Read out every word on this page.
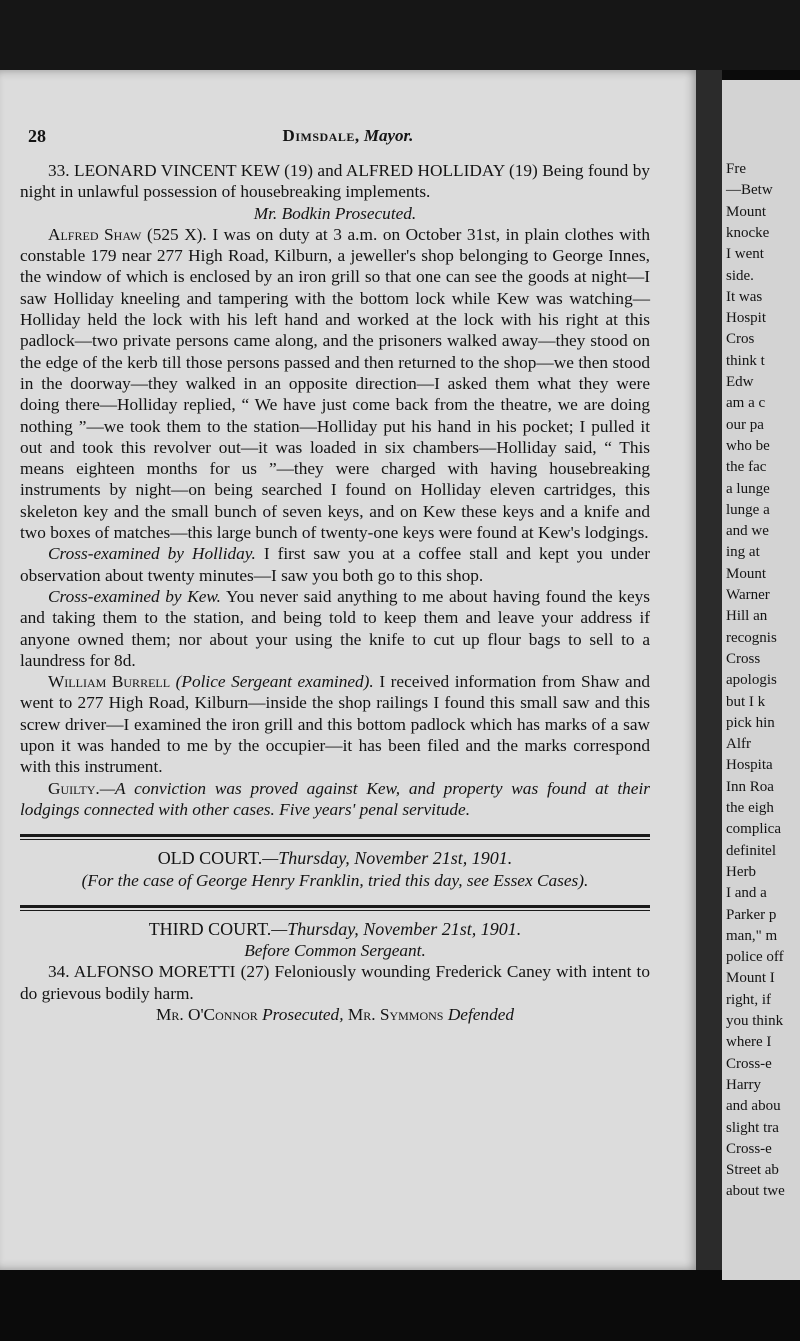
28	Dimsdale, Mayor.

33. LEONARD VINCENT KEW (19) and ALFRED HOLLIDAY (19) Being found by night in unlawful possession of housebreaking implements.

Mr. Bodkin Prosecuted.

Alfred Shaw (525 X). I was on duty at 3 a.m. on October 31st, in plain clothes with constable 179 near 277 High Road, Kilburn, a jeweller's shop belonging to George Innes, the window of which is enclosed by an iron grill so that one can see the goods at night—I saw Holliday kneeling and tampering with the bottom lock while Kew was watching—Holliday held the lock with his left hand and worked at the lock with his right at this padlock—two private persons came along, and the prisoners walked away—they stood on the edge of the kerb till those persons passed and then returned to the shop—we then stood in the doorway—they walked in an opposite direction—I asked them what they were doing there—Holliday replied, “ We have just come back from the theatre, we are doing nothing ”—we took them to the station—Holliday put his hand in his pocket; I pulled it out and took this revolver out—it was loaded in six chambers—Holliday said, “ This means eighteen months for us ”—they were charged with having housebreaking instruments by night—on being searched I found on Holliday eleven cartridges, this skeleton key and the small bunch of seven keys, and on Kew these keys and a knife and two boxes of matches—this large bunch of twenty-one keys were found at Kew's lodgings.

Cross-examined by Holliday. I first saw you at a coffee stall and kept you under observation about twenty minutes—I saw you both go to this shop.

Cross-examined by Kew. You never said anything to me about having found the keys and taking them to the station, and being told to keep them and leave your address if anyone owned them; nor about your using the knife to cut up flour bags to sell to a laundress for 8d.

William Burrell (Police Sergeant examined). I received information from Shaw and went to 277 High Road, Kilburn—inside the shop railings I found this small saw and this screw driver—I examined the iron grill and this bottom padlock which has marks of a saw upon it was handed to me by the occupier—it has been filed and the marks correspond with this instrument.

Guilty.—A conviction was proved against Kew, and property was found at their lodgings connected with other cases. Five years' penal servitude.

OLD COURT.—Thursday, November 21st, 1901.

(For the case of George Henry Franklin, tried this day, see Essex Cases).

THIRD COURT.—Thursday, November 21st, 1901.

Before Common Sergeant.

34. ALFONSO MORETTI (27) Feloniously wounding Frederick Caney with intent to do grievous bodily harm.

Mr. O'Connor Prosecuted, Mr. Symmons Defended

Fre
—Betw
Mount
knocke
I went
side.
It was
Hospit
Cros
think t
Edw
am a c
our pa
who be
the fac
a lunge
lunge a
and we
ing at
Mount
Warner
Hill an
recognis
Cross
apologis
but I k
pick hin
Alfr
Hospita
Inn Roa
the eigh
complica
definitel
Herb
I and a
Parker p
man," m
police off
Mount I
right, if
you think
where I
Cross-e
Harry
and abou
slight tra
Cross-e
Street ab
about twe
